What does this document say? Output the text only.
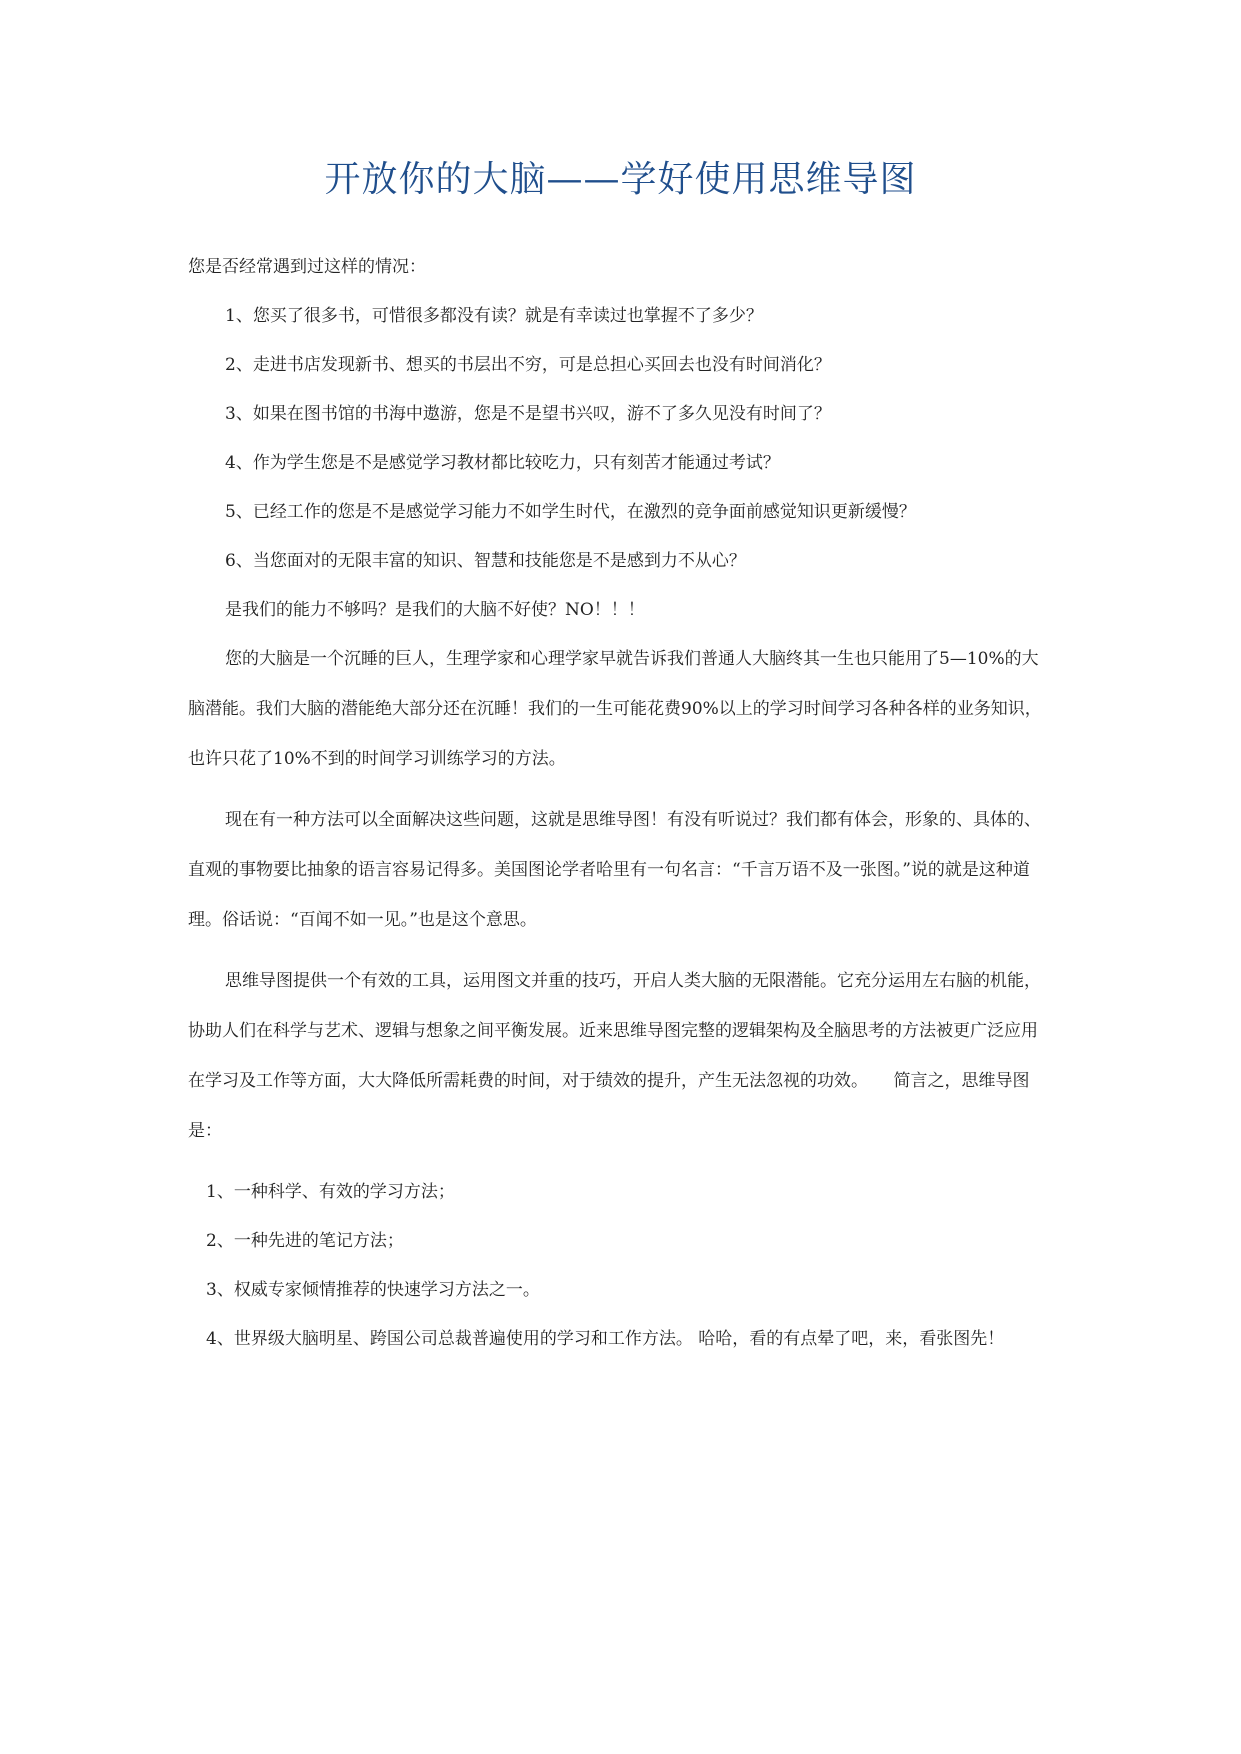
开放你的大脑——学好使用思维导图

您是否经常遇到过这样的情况：

1、您买了很多书，可惜很多都没有读？就是有幸读过也掌握不了多少？

2、走进书店发现新书、想买的书层出不穷，可是总担心买回去也没有时间消化？

3、如果在图书馆的书海中遨游，您是不是望书兴叹，游不了多久见没有时间了？

4、作为学生您是不是感觉学习教材都比较吃力，只有刻苦才能通过考试？

5、已经工作的您是不是感觉学习能力不如学生时代，在激烈的竞争面前感觉知识更新缓慢？

6、当您面对的无限丰富的知识、智慧和技能您是不是感到力不从心？

是我们的能力不够吗？是我们的大脑不好使？NO！！！

您的大脑是一个沉睡的巨人，生理学家和心理学家早就告诉我们普通人大脑终其一生也只能用了5—10%的大脑潜能。我们大脑的潜能绝大部分还在沉睡！我们的一生可能花费90%以上的学习时间学习各种各样的业务知识，也许只花了10%不到的时间学习训练学习的方法。

现在有一种方法可以全面解决这些问题，这就是思维导图！有没有听说过？我们都有体会，形象的、具体的、直观的事物要比抽象的语言容易记得多。美国图论学者哈里有一句名言：“千言万语不及一张图。”说的就是这种道理。俗话说：“百闻不如一见。”也是这个意思。

思维导图提供一个有效的工具，运用图文并重的技巧，开启人类大脑的无限潜能。它充分运用左右脑的机能，协助人们在科学与艺术、逻辑与想象之间平衡发展。近来思维导图完整的逻辑架构及全脑思考的方法被更广泛应用在学习及工作等方面，大大降低所需耗费的时间，对于绩效的提升，产生无法忽视的功效。　　简言之，思维导图是：

1、一种科学、有效的学习方法；

2、一种先进的笔记方法；

3、权威专家倾情推荐的快速学习方法之一。

4、世界级大脑明星、跨国公司总裁普遍使用的学习和工作方法。 哈哈，看的有点晕了吧，来，看张图先！
